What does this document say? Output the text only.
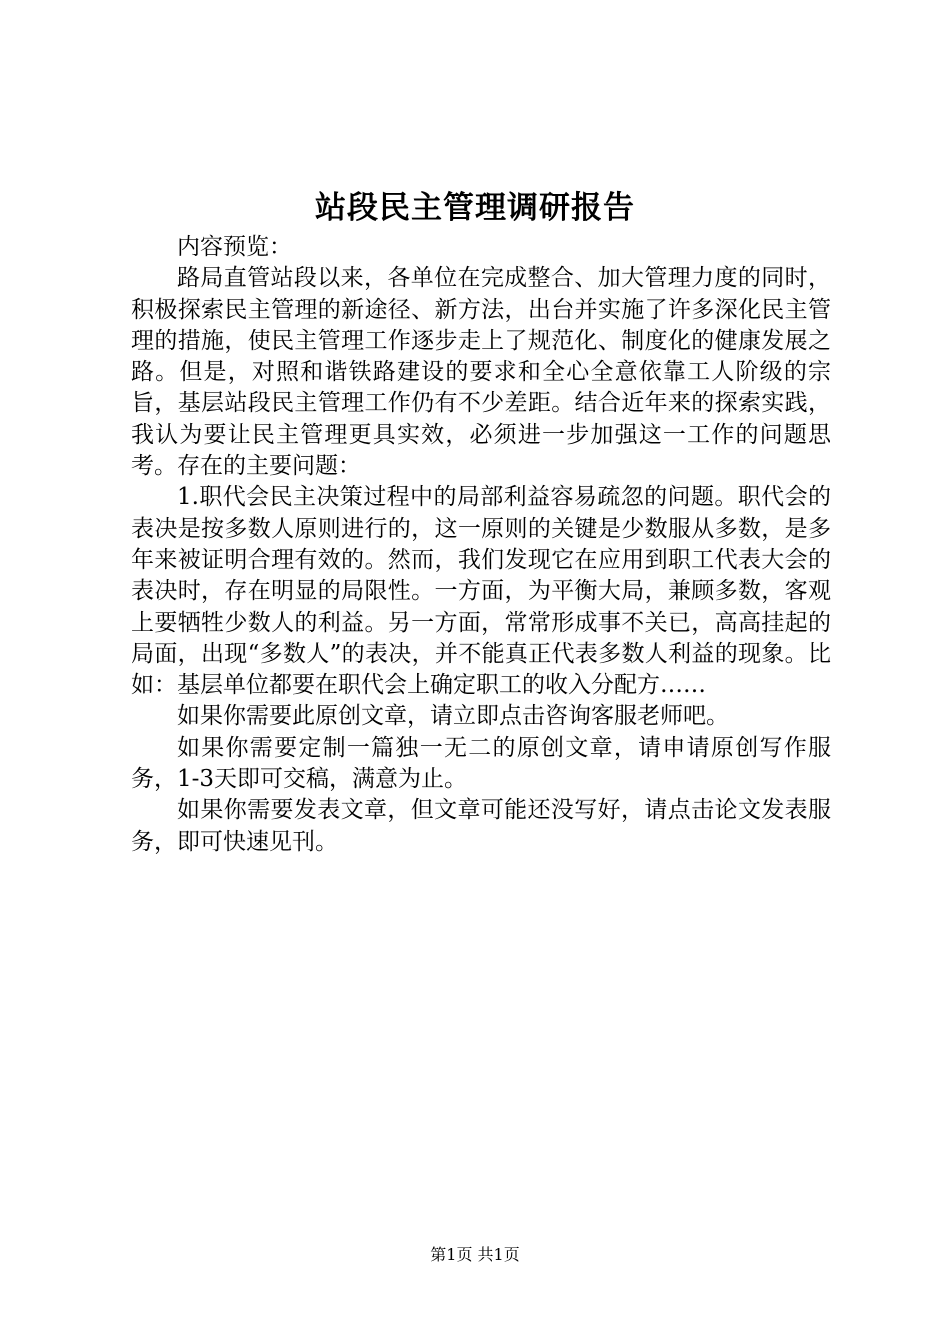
站段民主管理调研报告

内容预览：

路局直管站段以来，各单位在完成整合、加大管理力度的同时，积极探索民主管理的新途径、新方法，出台并实施了许多深化民主管理的措施，使民主管理工作逐步走上了规范化、制度化的健康发展之路。但是，对照和谐铁路建设的要求和全心全意依靠工人阶级的宗旨，基层站段民主管理工作仍有不少差距。结合近年来的探索实践，我认为要让民主管理更具实效，必须进一步加强这一工作的问题思考。存在的主要问题：

1.职代会民主决策过程中的局部利益容易疏忽的问题。职代会的表决是按多数人原则进行的，这一原则的关键是少数服从多数，是多年来被证明合理有效的。然而，我们发现它在应用到职工代表大会的表决时，存在明显的局限性。一方面，为平衡大局，兼顾多数，客观上要牺牲少数人的利益。另一方面，常常形成事不关已，高高挂起的局面，出现“多数人”的表决，并不能真正代表多数人利益的现象。比如：基层单位都要在职代会上确定职工的收入分配方……

如果你需要此原创文章，请立即点击咨询客服老师吧。

如果你需要定制一篇独一无二的原创文章，请申请原创写作服务，1-3天即可交稿，满意为止。

如果你需要发表文章，但文章可能还没写好，请点击论文发表服务，即可快速见刊。

第1页 共1页
